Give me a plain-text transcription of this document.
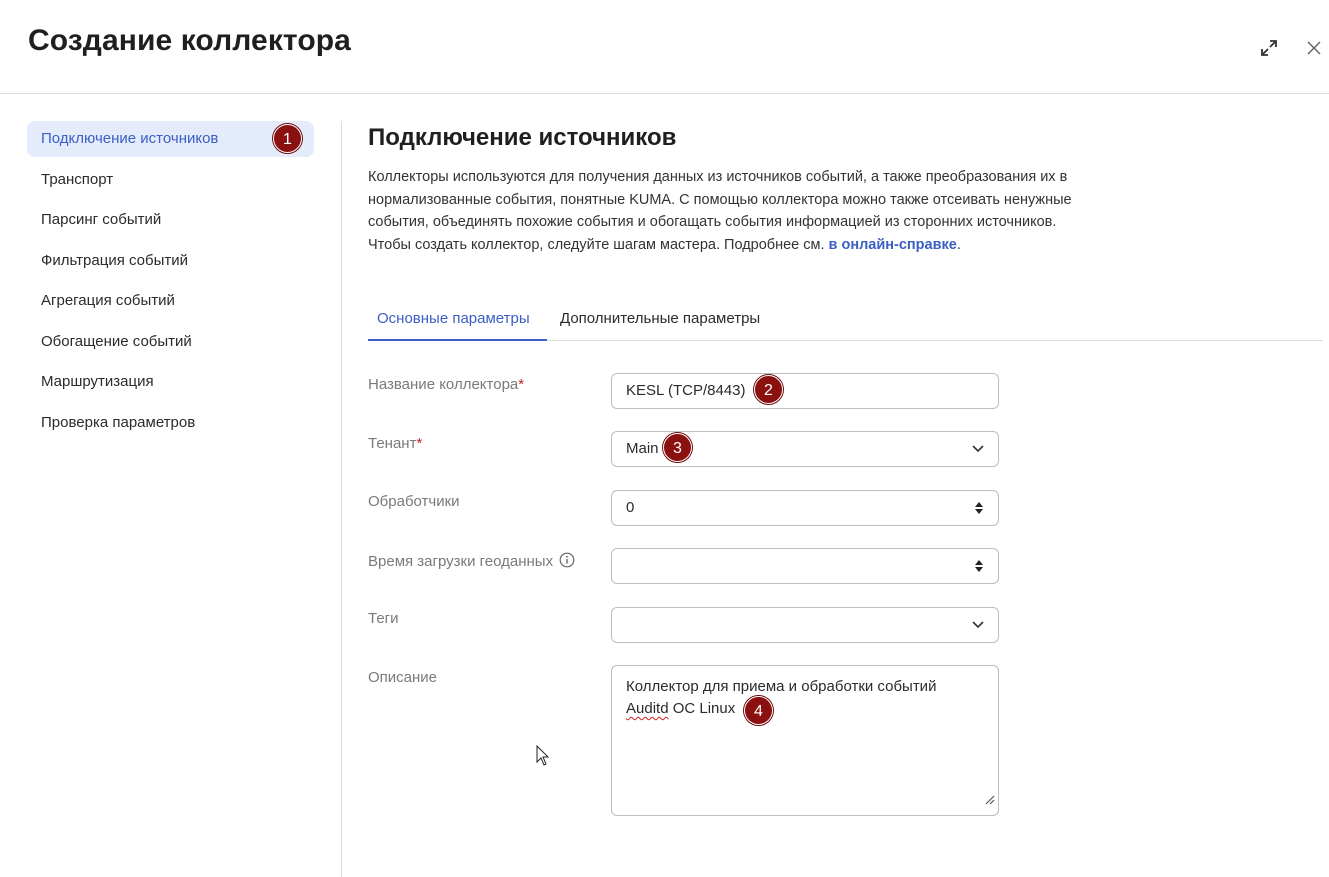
Создание коллектора
Подключение источников	1
Транспорт
Парсинг событий
Фильтрация событий
Агрегация событий
Обогащение событий
Маршрутизация
Проверка параметров
Подключение источников
Коллекторы используются для получения данных из источников событий, а также преобразования их в нормализованные события, понятные KUMA. С помощью коллектора можно также отсеивать ненужные события, объединять похожие события и обогащать события информацией из сторонних источников. Чтобы создать коллектор, следуйте шагам мастера. Подробнее см. в онлайн-справке.
Основные параметры	Дополнительные параметры
Название коллектора*	KESL (TCP/8443)	2
Тенант*	Main 3
Обработчики	0
Время загрузки геоданных
Теги
Описание
Коллектор для приема и обработки событий
Auditd ОС Linux	4
